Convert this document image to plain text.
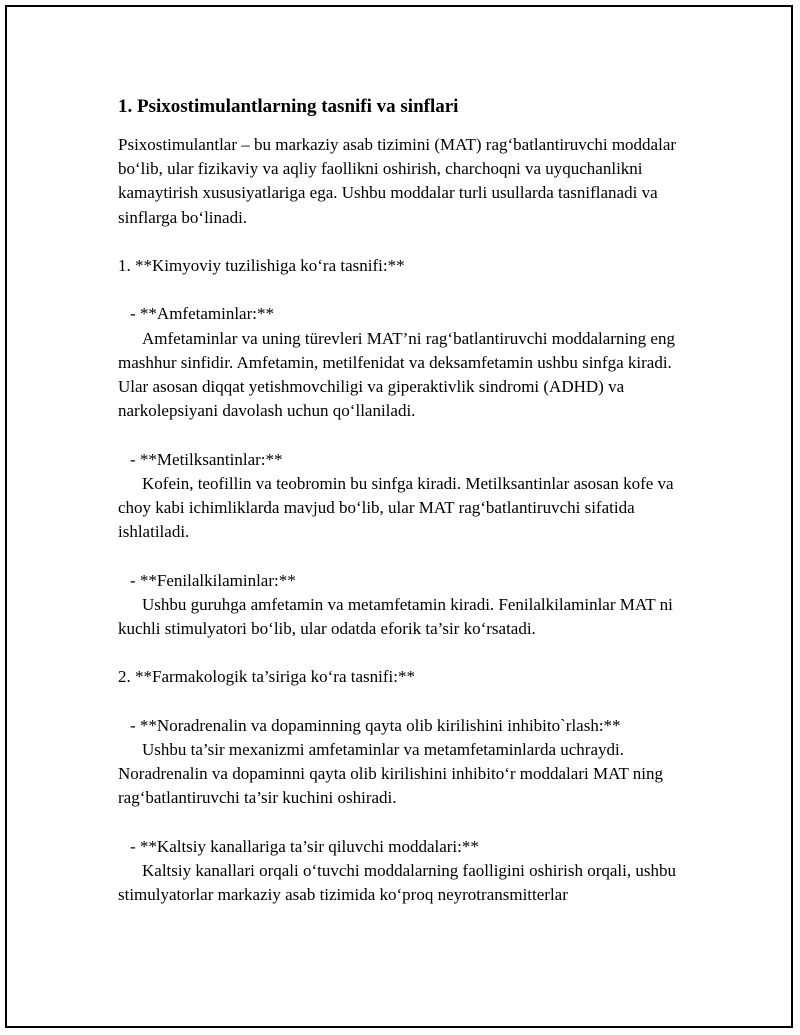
1. Psixostimulantlarning tasnifi va sinflari

Psixostimulantlar – bu markaziy asab tizimini (MAT) rag‘batlantiruvchi moddalar bo‘lib, ular fizikaviy va aqliy faollikni oshirish, charchoqni va uyquchanlikni kamaytirish xususiyatlariga ega. Ushbu moddalar turli usullarda tasniflanadi va sinflarga bo‘linadi.

1. **Kimyoviy tuzilishiga ko‘ra tasnifi:**

- **Amfetaminlar:**

Amfetaminlar va uning türevleri MAT’ni rag‘batlantiruvchi moddalarning eng mashhur sinfidir. Amfetamin, metilfenidat va deksamfetamin ushbu sinfga kiradi. Ular asosan diqqat yetishmovchiligi va giperaktivlik sindromi (ADHD) va narkolepsiyani davolash uchun qo‘llaniladi.

- **Metilksantinlar:**

Kofein, teofillin va teobromin bu sinfga kiradi. Metilksantinlar asosan kofe va choy kabi ichimliklarda mavjud bo‘lib, ular MAT rag‘batlantiruvchi sifatida ishlatiladi.

- **Fenilalkilaminlar:**

Ushbu guruhga amfetamin va metamfetamin kiradi. Fenilalkilaminlar MAT ni kuchli stimulyatori bo‘lib, ular odatda eforik ta’sir ko‘rsatadi.

2. **Farmakologik ta’siriga ko‘ra tasnifi:**

- **Noradrenalin va dopaminning qayta olib kirilishini inhibito`rlash:**

Ushbu ta’sir mexanizmi amfetaminlar va metamfetaminlarda uchraydi. Noradrenalin va dopaminni qayta olib kirilishini inhibito‘r moddalari MAT ning rag‘batlantiruvchi ta’sir kuchini oshiradi.

- **Kaltsiy kanallariga ta’sir qiluvchi moddalari:**

Kaltsiy kanallari orqali o‘tuvchi moddalarning faolligini oshirish orqali, ushbu stimulyatorlar markaziy asab tizimida ko‘proq neyrotransmitterlar
